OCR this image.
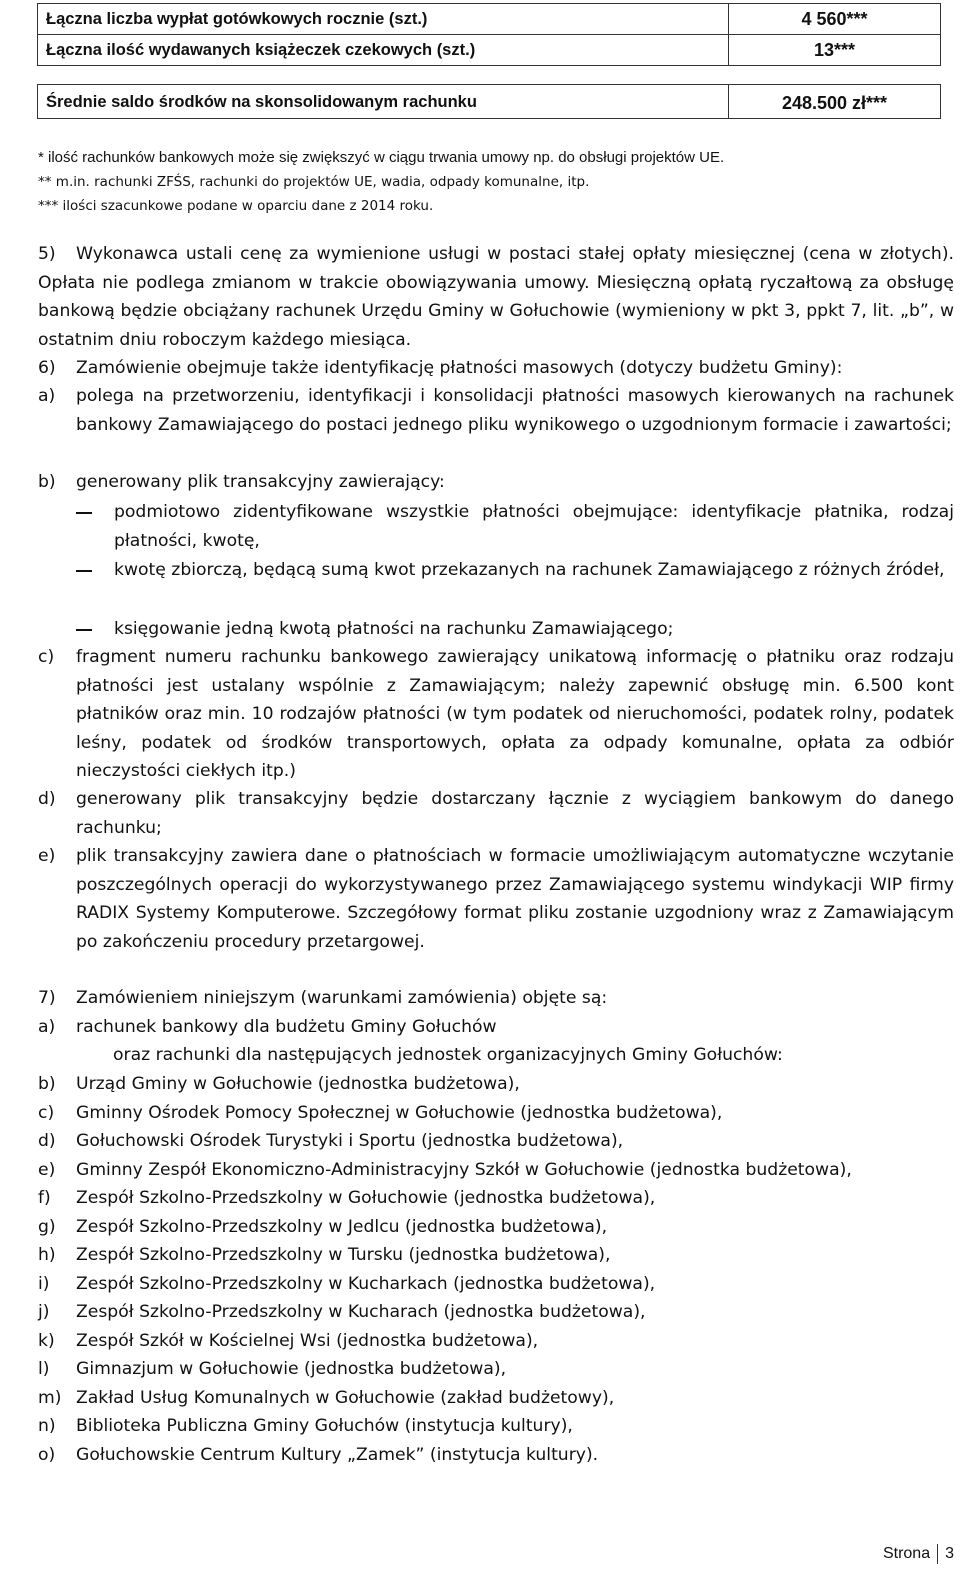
Łączna liczba wypłat gotówkowych rocznie (szt.)	4 560***
Łączna ilość wydawanych książeczek czekowych (szt.)	13***

Średnie saldo środków na skonsolidowanym rachunku	248.500 zł***
* ilość rachunków bankowych może się zwiększyć w ciągu trwania umowy np. do obsługi projektów UE.
** m.in. rachunki ZFŚS, rachunki do projektów UE, wadia, odpady komunalne, itp.
*** ilości szacunkowe podane w oparciu dane z 2014 roku.
5)	Wykonawca ustali cenę za wymienione usługi w postaci stałej opłaty miesięcznej (cena w złotych). Opłata nie podlega zmianom w trakcie obowiązywania umowy. Miesięczną opłatą ryczałtową za obsługę bankową będzie obciążany rachunek Urzędu Gminy w Gołuchowie (wymieniony w pkt 3, ppkt 7, lit. „b”, w ostatnim dniu roboczym każdego miesiąca.
6) Zamówienie obejmuje także identyfikację płatności masowych (dotyczy budżetu Gminy):
a) polega na przetworzeniu, identyfikacji i konsolidacji płatności masowych kierowanych na rachunek bankowy Zamawiającego do postaci jednego pliku wynikowego o uzgodnionym formacie i zawartości;
b) generowany plik transakcyjny zawierający:
podmiotowo zidentyfikowane wszystkie płatności obejmujące: identyfikacje płatnika, rodzaj płatności, kwotę,
kwotę zbiorczą, będącą sumą kwot przekazanych na rachunek Zamawiającego z różnych źródeł,
księgowanie jedną kwotą płatności na rachunku Zamawiającego;
c) fragment numeru rachunku bankowego zawierający unikatową informację o płatniku oraz rodzaju płatności jest ustalany wspólnie z Zamawiającym; należy zapewnić obsługę min. 6.500 kont płatników oraz min. 10 rodzajów płatności (w tym podatek od nieruchomości, podatek rolny, podatek leśny, podatek od środków transportowych, opłata za odpady komunalne, opłata za odbiór nieczystości ciekłych itp.)
d) generowany plik transakcyjny będzie dostarczany łącznie z wyciągiem bankowym do danego rachunku;
e) plik transakcyjny zawiera dane o płatnościach w formacie umożliwiającym automatyczne wczytanie poszczególnych operacji do wykorzystywanego przez Zamawiającego systemu windykacji WIP firmy RADIX Systemy Komputerowe. Szczegółowy format pliku zostanie uzgodniony wraz z Zamawiającym po zakończeniu procedury przetargowej.
7) Zamówieniem niniejszym (warunkami zamówienia) objęte są:
a) rachunek bankowy dla budżetu Gminy Gołuchów
oraz rachunki dla następujących jednostek organizacyjnych Gminy Gołuchów:
b) Urząd Gminy w Gołuchowie (jednostka budżetowa),
c) Gminny Ośrodek Pomocy Społecznej w Gołuchowie (jednostka budżetowa),
d) Gołuchowski Ośrodek Turystyki i Sportu (jednostka budżetowa),
e) Gminny Zespół Ekonomiczno-Administracyjny Szkół w Gołuchowie (jednostka budżetowa),
f) Zespół Szkolno-Przedszkolny w Gołuchowie (jednostka budżetowa),
g) Zespół Szkolno-Przedszkolny w Jedlcu (jednostka budżetowa),
h) Zespół Szkolno-Przedszkolny w Tursku (jednostka budżetowa),
i) Zespół Szkolno-Przedszkolny w Kucharkach (jednostka budżetowa),
j) Zespół Szkolno-Przedszkolny w Kucharach (jednostka budżetowa),
k) Zespół Szkół w Kościelnej Wsi (jednostka budżetowa),
l) Gimnazjum w Gołuchowie (jednostka budżetowa),
m) Zakład Usług Komunalnych w Gołuchowie (zakład budżetowy),
n) Biblioteka Publiczna Gminy Gołuchów (instytucja kultury),
o) Gołuchowskie Centrum Kultury „Zamek” (instytucja kultury).
Strona 3
